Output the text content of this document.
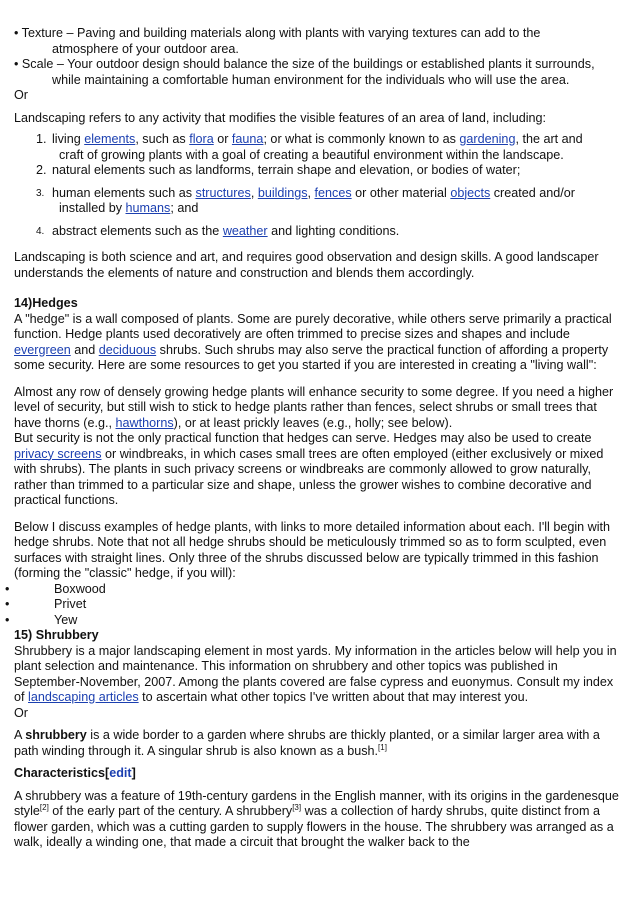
• Texture – Paving and building materials along with plants with varying textures can add to the

atmosphere of your outdoor area.

• Scale – Your outdoor design should balance the size of the buildings or established plants it surrounds,

while maintaining a comfortable human environment for the individuals who will use the area.

Or

Landscaping refers to any activity that modifies the visible features of an area of land, including:

1. living elements, such as flora or fauna; or what is commonly known to as gardening, the art and
craft of growing plants with a goal of creating a beautiful environment within the landscape.
2. natural elements such as landforms, terrain shape and elevation, or bodies of water;
3. human elements such as structures, buildings, fences or other material objects created and/or
installed by humans; and
4. abstract elements such as the weather and lighting conditions.

Landscaping is both science and art, and requires good observation and design skills. A good landscaper understands the elements of nature and construction and blends them accordingly.

14)Hedges

A "hedge" is a wall composed of plants. Some are purely decorative, while others serve primarily a practical function. Hedge plants used decoratively are often trimmed to precise sizes and shapes and include evergreen and deciduous shrubs. Such shrubs may also serve the practical function of affording a property some security. Here are some resources to get you started if you are interested in creating a "living wall":

Almost any row of densely growing hedge plants will enhance security to some degree. If you need a higher level of security, but still wish to stick to hedge plants rather than fences, select shrubs or small trees that have thorns (e.g., hawthorns), or at least prickly leaves (e.g., holly; see below).

But security is not the only practical function that hedges can serve. Hedges may also be used to create privacy screens or windbreaks, in which cases small trees are often employed (either exclusively or mixed with shrubs). The plants in such privacy screens or windbreaks are commonly allowed to grow naturally, rather than trimmed to a particular size and shape, unless the grower wishes to combine decorative and practical functions.

Below I discuss examples of hedge plants, with links to more detailed information about each. I'll begin with hedge shrubs. Note that not all hedge shrubs should be meticulously trimmed so as to form sculpted, even surfaces with straight lines. Only three of the shrubs discussed below are typically trimmed in this fashion (forming the "classic" hedge, if you will):

•	Boxwood
•	Privet
•	Yew

15) Shrubbery

Shrubbery is a major landscaping element in most yards. My information in the articles below will help you in plant selection and maintenance. This information on shrubbery and other topics was published in September-November, 2007. Among the plants covered are false cypress and euonymus. Consult my index of landscaping articles to ascertain what other topics I've written about that may interest you.

Or

A shrubbery is a wide border to a garden where shrubs are thickly planted, or a similar larger area with a path winding through it. A singular shrub is also known as a bush.[1]

Characteristics[edit]

A shrubbery was a feature of 19th-century gardens in the English manner, with its origins in the gardenesque style[2] of the early part of the century. A shrubbery[3] was a collection of hardy shrubs, quite distinct from a flower garden, which was a cutting garden to supply flowers in the house. The shrubbery was arranged as a walk, ideally a winding one, that made a circuit that brought the walker back to the
